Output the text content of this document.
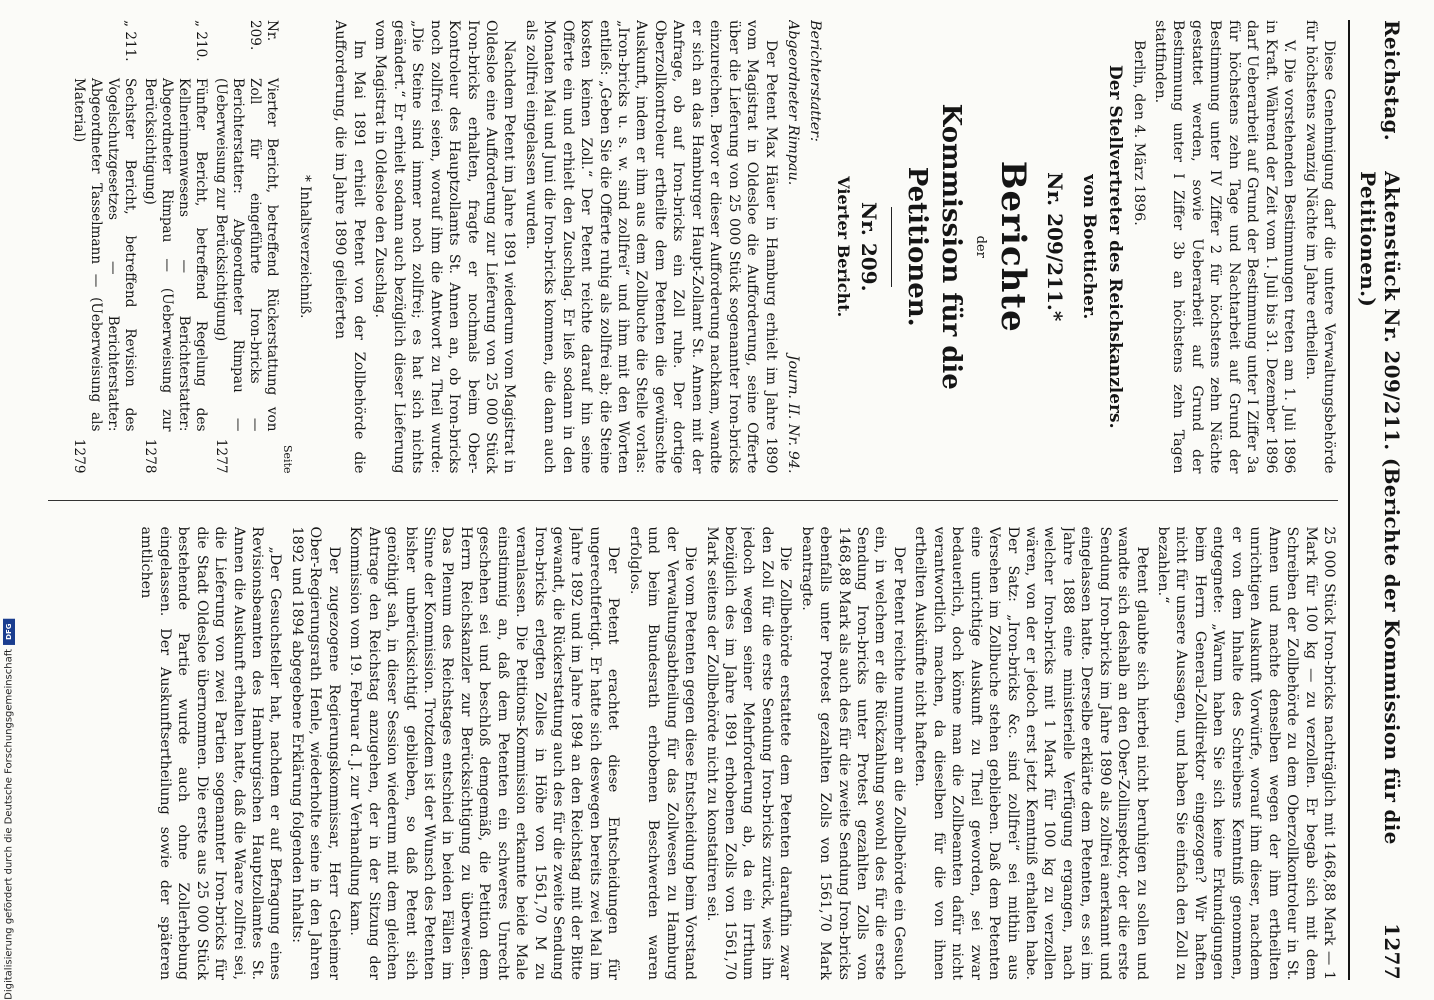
Reichstag.
Aktenstück Nr. 209/211. (Berichte der Kommission für die Petitionen.)
1277

Diese Genehmigung darf die untere Verwaltungsbehörde für höchstens zwanzig Nächte im Jahre ertheilen.

V. Die vorstehenden Bestimmungen treten am 1. Juli 1896 in Kraft. Während der Zeit vom 1. Juli bis 31. Dezember 1896 darf Ueberarbeit auf Grund der Bestimmung unter I Ziffer 3a für höchstens zehn Tage und Nachtarbeit auf Grund der Bestimmung unter IV Ziffer 2 für höchstens zehn Nächte gestattet werden, sowie Ueberarbeit auf Grund der Bestimmung unter I Ziffer 3b an höchstens zehn Tagen stattfinden.

Berlin, den 4. März 1896.

Der Stellvertreter des Reichskanzlers.
von Boetticher.
Nr. 209/211.*
Berichte
der
Kommission für die Petitionen.
Nr. 209.
Vierter Bericht.
Berichterstatter:
Abgeordneter Rimpau.
Journ. II. Nr. 94.

Der Petent Max Häuer in Hamburg erhielt im Jahre 1890 vom Magistrat in Oldesloe die Aufforderung, seine Offerte über die Lieferung von 25 000 Stück sogenannter Iron-bricks einzureichen. Bevor er dieser Aufforderung nachkam, wandte er sich an das Hamburger Haupt-Zollamt St. Annen mit der Anfrage, ob auf Iron-bricks ein Zoll ruhe. Der dortige Oberzollkontroleur ertheilte dem Petenten die gewünschte Auskunft, indem er ihm aus dem Zollbuche die Stelle vorlas: „Iron-bricks u. s. w. sind zollfrei“ und ihm mit den Worten entließ: „Geben Sie die Offerte ruhig als zollfrei ab; die Steine kosten keinen Zoll.“ Der Petent reichte darauf hin seine Offerte ein und erhielt den Zuschlag. Er ließ sodann in den Monaten Mai und Juni die Iron-bricks kommen, die dann auch als zollfrei eingelassen wurden.

Nachdem Petent im Jahre 1891 wiederum vom Magistrat in Oldesloe eine Aufforderung zur Lieferung von 25 000 Stück Iron-bricks erhalten, fragte er nochmals beim Ober-Kontroleur des Hauptzollamts St. Annen an, ob Iron-bricks noch zollfrei seien, worauf ihm die Antwort zu Theil wurde: „Die Steine sind immer noch zollfrei; es hat sich nichts geändert.“ Er erhielt sodann auch bezüglich dieser Lieferung vom Magistrat in Oldesloe den Zuschlag.

Im Mai 1891 erhielt Petent von der Zollbehörde die Aufforderung, die im Jahre 1890 gelieferten

* Inhaltsverzeichniß.
Seite
Nr. 209.
Vierter Bericht, betreffend Rückerstattung von Zoll für eingeführte Iron-bricks — Berichterstatter: Abgeordneter Rimpau — (Ueberweisung zur Berücksichtigung)
1277
„ 210.
Fünfter Bericht, betreffend Regelung des Kellnerinnenwesens — Berichterstatter: Abgeordneter Rimpau — (Ueberweisung zur Berücksichtigung)
1278
„ 211.
Sechster Bericht, betreffend Revision des Vogelschutzgesetzes — Berichterstatter: Abgeordneter Tasselmann — (Ueberweisung als Material)
1279

25 000 Stück Iron-bricks nachträglich mit 1468,88 Mark — 1 Mark für 100 kg — zu verzollen. Er begab sich mit dem Schreiben der Zollbehörde zu dem Oberzollkontroleur in St. Annen und machte denselben wegen der ihm ertheilten unrichtigen Auskunft Vorwürfe, worauf ihm dieser, nachdem er von dem Inhalte des Schreibens Kenntniß genommen, entgegnete: „Warum haben Sie sich keine Erkundigungen beim Herrn General-Zolldirektor eingezogen? Wir haften nicht für unsere Aussagen, und haben Sie einfach den Zoll zu bezahlen.“

Petent glaubte sich hierbei nicht beruhigen zu sollen und wandte sich deshalb an den Ober-Zollinspektor, der die erste Sendung Iron-bricks im Jahre 1890 als zollfrei anerkannt und eingelassen hatte. Derselbe erklärte dem Petenten, es sei im Jahre 1888 eine ministerielle Verfügung ergangen, nach welcher Iron-bricks mit 1 Mark für 100 kg zu verzollen wären, von der er jedoch erst jetzt Kenntniß erhalten habe. Der Satz: „Iron-bricks &c. sind zollfrei“ sei mithin aus Versehen im Zollbuche stehen geblieben. Daß dem Petenten eine unrichtige Auskunft zu Theil geworden, sei zwar bedauerlich, doch könne man die Zollbeamten dafür nicht verantwortlich machen, da dieselben für die von ihnen ertheilten Auskünfte nicht hafteten.

Der Petent reichte nunmehr an die Zollbehörde ein Gesuch ein, in welchem er die Rückzahlung sowohl des für die erste Sendung Iron-bricks unter Protest gezahlten Zolls von 1468,88 Mark als auch des für die zweite Sendung Iron-bricks ebenfalls unter Protest gezahlten Zolls von 1561,70 Mark beantragte.

Die Zollbehörde erstattete dem Petenten daraufhin zwar den Zoll für die erste Sendung Iron-bricks zurück, wies ihn jedoch wegen seiner Mehrforderung ab, da ein Irrthum bezüglich des im Jahre 1891 erhobenen Zolls von 1561,70 Mark seitens der Zollbehörde nicht zu konstatiren sei.

Die vom Petenten gegen diese Entscheidung beim Vorstand der Verwaltungsabtheilung für das Zollwesen zu Hamburg und beim Bundesrath erhobenen Beschwerden waren erfolglos.

Der Petent erachtet diese Entscheidungen für ungerechtfertigt. Er hatte sich deswegen bereits zwei Mal im Jahre 1892 und im Jahre 1894 an den Reichstag mit der Bitte gewandt, die Rückerstattung auch des für die zweite Sendung Iron-bricks erlegten Zolles in Höhe von 1561,70 M zu veranlassen. Die Petitions-Kommission erkannte beide Male einstimmig an, daß dem Petenten ein schweres Unrecht geschehen sei und beschloß demgemäß, die Petition dem Herrn Reichskanzler zur Berücksichtigung zu überweisen. Das Plenum des Reichstages entschied in beiden Fällen im Sinne der Kommission. Trotzdem ist der Wunsch des Petenten bisher unberücksichtigt geblieben, so daß Petent sich genöthigt sah, in dieser Session wiederum mit dem gleichen Antrage den Reichstag anzugehen, der in der Sitzung der Kommission vom 19. Februar d. J. zur Verhandlung kam.

Der zugezogene Regierungskommissar, Herr Geheimer Ober-Regierungsrath Henle, wiederholte seine in den Jahren 1892 und 1894 abgegebene Erklärung folgenden Inhalts:

„Der Gesuchsteller hat, nachdem er auf Befragung eines Revisionsbeamten des Hamburgischen Hauptzollamtes St. Annen die Auskunft erhalten hatte, daß die Waare zollfrei sei, die Lieferung von zwei Partien sogenannter Iron-bricks für die Stadt Oldesloe übernommen. Die erste aus 25 000 Stück bestehende Partie wurde auch ohne Zollerhebung eingelassen. Der Auskunftsertheilung sowie der späteren amtlichen

Digitalisierung gefördert durch die Deutsche Forschungsgemeinschaft
DFG
